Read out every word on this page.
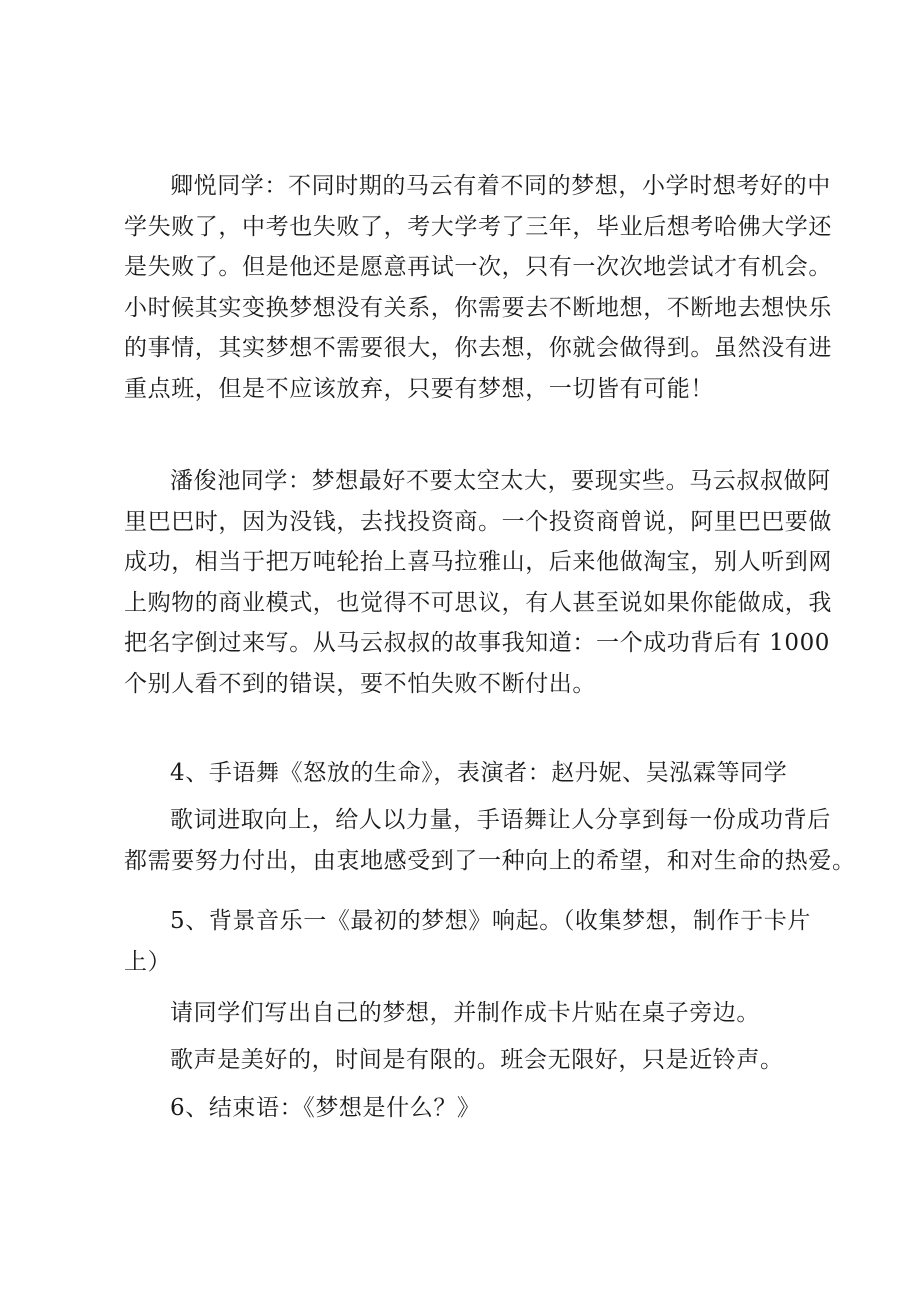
卿悦同学：不同时期的马云有着不同的梦想，小学时想考好的中
学失败了，中考也失败了，考大学考了三年，毕业后想考哈佛大学还
是失败了。但是他还是愿意再试一次，只有一次次地尝试才有机会。
小时候其实变换梦想没有关系，你需要去不断地想，不断地去想快乐
的事情，其实梦想不需要很大，你去想，你就会做得到。虽然没有进
重点班，但是不应该放弃，只要有梦想，一切皆有可能！
潘俊池同学：梦想最好不要太空太大，要现实些。马云叔叔做阿
里巴巴时，因为没钱，去找投资商。一个投资商曾说，阿里巴巴要做
成功，相当于把万吨轮抬上喜马拉雅山，后来他做淘宝，别人听到网
上购物的商业模式，也觉得不可思议，有人甚至说如果你能做成，我
把名字倒过来写。从马云叔叔的故事我知道：一个成功背后有 1000
个别人看不到的错误，要不怕失败不断付出。
4、手语舞《怒放的生命》，表演者：赵丹妮、吴泓霖等同学
歌词进取向上，给人以力量，手语舞让人分享到每一份成功背后
都需要努力付出，由衷地感受到了一种向上的希望，和对生命的热爱。
5、背景音乐一《最初的梦想》响起。（收集梦想，制作于卡片
上）
请同学们写出自己的梦想，并制作成卡片贴在桌子旁边。
歌声是美好的，时间是有限的。班会无限好，只是近铃声。
6、结束语：《梦想是什么？》
